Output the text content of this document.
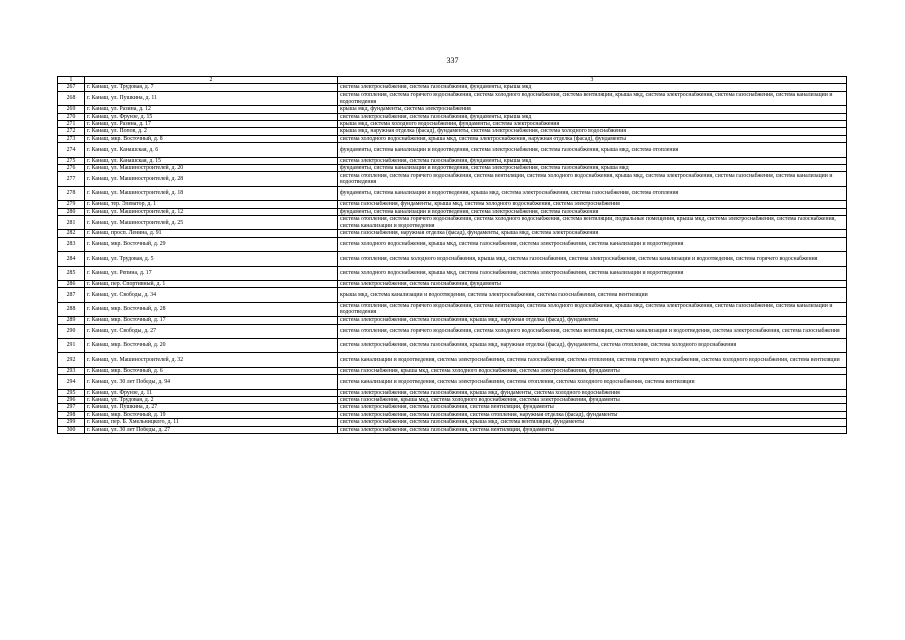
337
1	2	3
267	г. Канаш, ул. Трудовая, д. 7	система электроснабжения, система газоснабжения, фундаменты, крыша мкд
268	г. Канаш, ул. Пушкина, д. 11	система отопления, система горячего водоснабжения, система холодного водоснабжения, система вентиляции, крыша мкд, система электроснабжения, система газоснабжения, система канализации и водоотведения
269	г. Канаш, ул. Разина, д. 12	крыша мкд, фундаменты, система электроснабжения
270	г. Канаш, ул. Фрунзе, д. 15	система электроснабжения, система газоснабжения, фундаменты, крыша мкд
271	г. Канаш, ул. Разина, д. 17	крыша мкд, система холодного водоснабжения, фундаменты, система электроснабжения
272	г. Канаш, ул. Попов, д. 2	крыша мкд, наружная отделка (фасад), фундаменты, система электроснабжения, система холодного водоснабжения
273	г. Канаш, мкр. Восточный, д. 8	система холодного водоснабжения, крыша мкд, система электроснабжения, наружная отделка (фасад), фундаменты
274	г. Канаш, ул. Канашская, д. 6	фундаменты, система канализации и водоотведения, система электроснабжения, система газоснабжения, крыша мкд, система отопления
275	г. Канаш, ул. Канашская, д. 15	система электроснабжения, система газоснабжения, фундаменты, крыша мкд
276	г. Канаш, ул. Машиностроителей, д. 20	фундаменты, система канализации и водоотведения, система электроснабжения, система газоснабжения, крыша мкд
277	г. Канаш, ул. Машиностроителей, д. 28	система отопления, система горячего водоснабжения, система вентиляции, система холодного водоснабжения, крыша мкд, система электроснабжения, система газоснабжения, система канализации и водоотведения
278	г. Канаш, ул. Машиностроителей, д. 18	фундаменты, система канализации и водоотведения, крыша мкд, система электроснабжения, система газоснабжения, система отопления
279	г. Канаш, тер. Элеватор, д. 1	система газоснабжения, фундаменты, крыша мкд, система холодного водоснабжения, система электроснабжения
280	г. Канаш, ул. Машиностроителей, д. 12	фундаменты, система канализации и водоотведения, система электроснабжения, система газоснабжения
281	г. Канаш, ул. Машиностроителей, д. 25	система отопления, система горячего водоснабжения, система холодного водоснабжения, система вентиляции, подвальные помещения, крыша мкд, система электроснабжения, система газоснабжения, система канализации и водоотведения
282	г. Канаш, просп. Ленина, д. 91	система газоснабжения, наружная отделка (фасад), фундаменты, крыша мкд, система электроснабжения
283	г. Канаш, мкр. Восточный, д. 29	система холодного водоснабжения, крыша мкд, система газоснабжения, система электроснабжения, система канализации и водоотведения
284	г. Канаш, ул. Трудовая, д. 5	система отопления, система холодного водоснабжения, крыша мкд, система газоснабжения, система электроснабжения, система канализации и водоотведения, система горячего водоснабжения
285	г. Канаш, ул. Репина, д. 17	система холодного водоснабжения, крыша мкд, система газоснабжения, система электроснабжения, система канализации и водоотведения
286	г. Канаш, пер. Спортивный, д. 1	система электроснабжения, система газоснабжения, фундаменты
287	г. Канаш, ул. Свободы, д. 34	крыша мкд, система канализации и водоотведения, система электроснабжения, система газоснабжения, система вентиляции
288	г. Канаш, мкр. Восточный, д. 28	система отопления, система горячего водоснабжения, система вентиляции, система холодного водоснабжения, крыша мкд, система электроснабжения, система газоснабжения, система канализации и водоотведения
289	г. Канаш, мкр. Восточный, д. 17	система электроснабжения, система газоснабжения, крыша мкд, наружная отделка (фасад), фундаменты
290	г. Канаш, ул. Свободы, д. 27	система отопления, система горячего водоснабжения, система холодного водоснабжения, система вентиляции, система канализации и водоотведения, система электроснабжения, система газоснабжения
291	г. Канаш, мкр. Восточный, д. 20	система электроснабжения, система газоснабжения, крыша мкд, наружная отделка (фасад), фундаменты, система отопления, система холодного водоснабжения
292	г. Канаш, ул. Машиностроителей, д. 32	система канализации и водоотведения, система электроснабжения, система газоснабжения, система отопления, система горячего водоснабжения, система холодного водоснабжения, система вентиляции
293	г. Канаш, мкр. Восточный, д. 6	система газоснабжения, крыша мкд, система холодного водоснабжения, система электроснабжения, фундаменты
294	г. Канаш, ул. 30 лет Победы, д. 94	система канализации и водоотведения, система электроснабжения, система отопления, система холодного водоснабжения, система вентиляции
295	г. Канаш, ул. Фрунзе, д. 11	система электроснабжения, система газоснабжения, крыша мкд, фундаменты, система холодного водоснабжения
296	г. Канаш, ул. Трудовая, д. 2	система газоснабжения, крыша мкд, система холодного водоснабжения, система электроснабжения, фундаменты
297	г. Канаш, ул. Пушкина, д. 27	система электроснабжения, система газоснабжения, система вентиляции, фундаменты
298	г. Канаш, мкр. Восточный, д. 19	система электроснабжения, система газоснабжения, система отопления, наружная отделка (фасад), фундаменты
299	г. Канаш, пер. Б. Хмельницкого, д. 11	система электроснабжения, система газоснабжения, крыша мкд, система вентиляции, фундаменты
300	г. Канаш, ул. 30 лет Победы, д. 27	система электроснабжения, система газоснабжения, система вентиляции, фундаменты
